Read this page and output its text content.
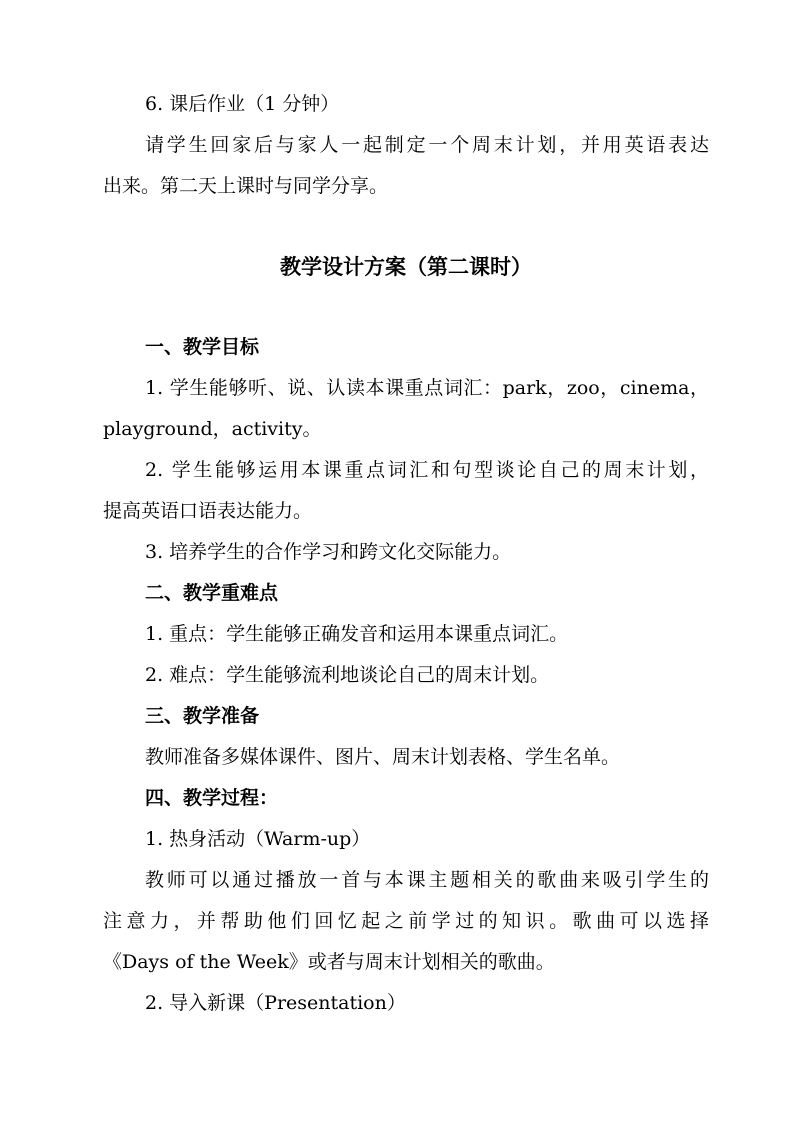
6. 课后作业（1 分钟）

请学生回家后与家人一起制定一个周末计划，并用英语表达

出来。第二天上课时与同学分享。

教学设计方案（第二课时）

一、教学目标

1. 学生能够听、说、认读本课重点词汇：park，zoo，cinema，

playground，activity。

2. 学生能够运用本课重点词汇和句型谈论自己的周末计划，

提高英语口语表达能力。

3. 培养学生的合作学习和跨文化交际能力。

二、教学重难点

1. 重点：学生能够正确发音和运用本课重点词汇。

2. 难点：学生能够流利地谈论自己的周末计划。

三、教学准备

教师准备多媒体课件、图片、周末计划表格、学生名单。

四、教学过程：

1. 热身活动（Warm-up）

教师可以通过播放一首与本课主题相关的歌曲来吸引学生的

注意力，并帮助他们回忆起之前学过的知识。歌曲可以选择

《Days of the Week》或者与周末计划相关的歌曲。

2. 导入新课（Presentation）
